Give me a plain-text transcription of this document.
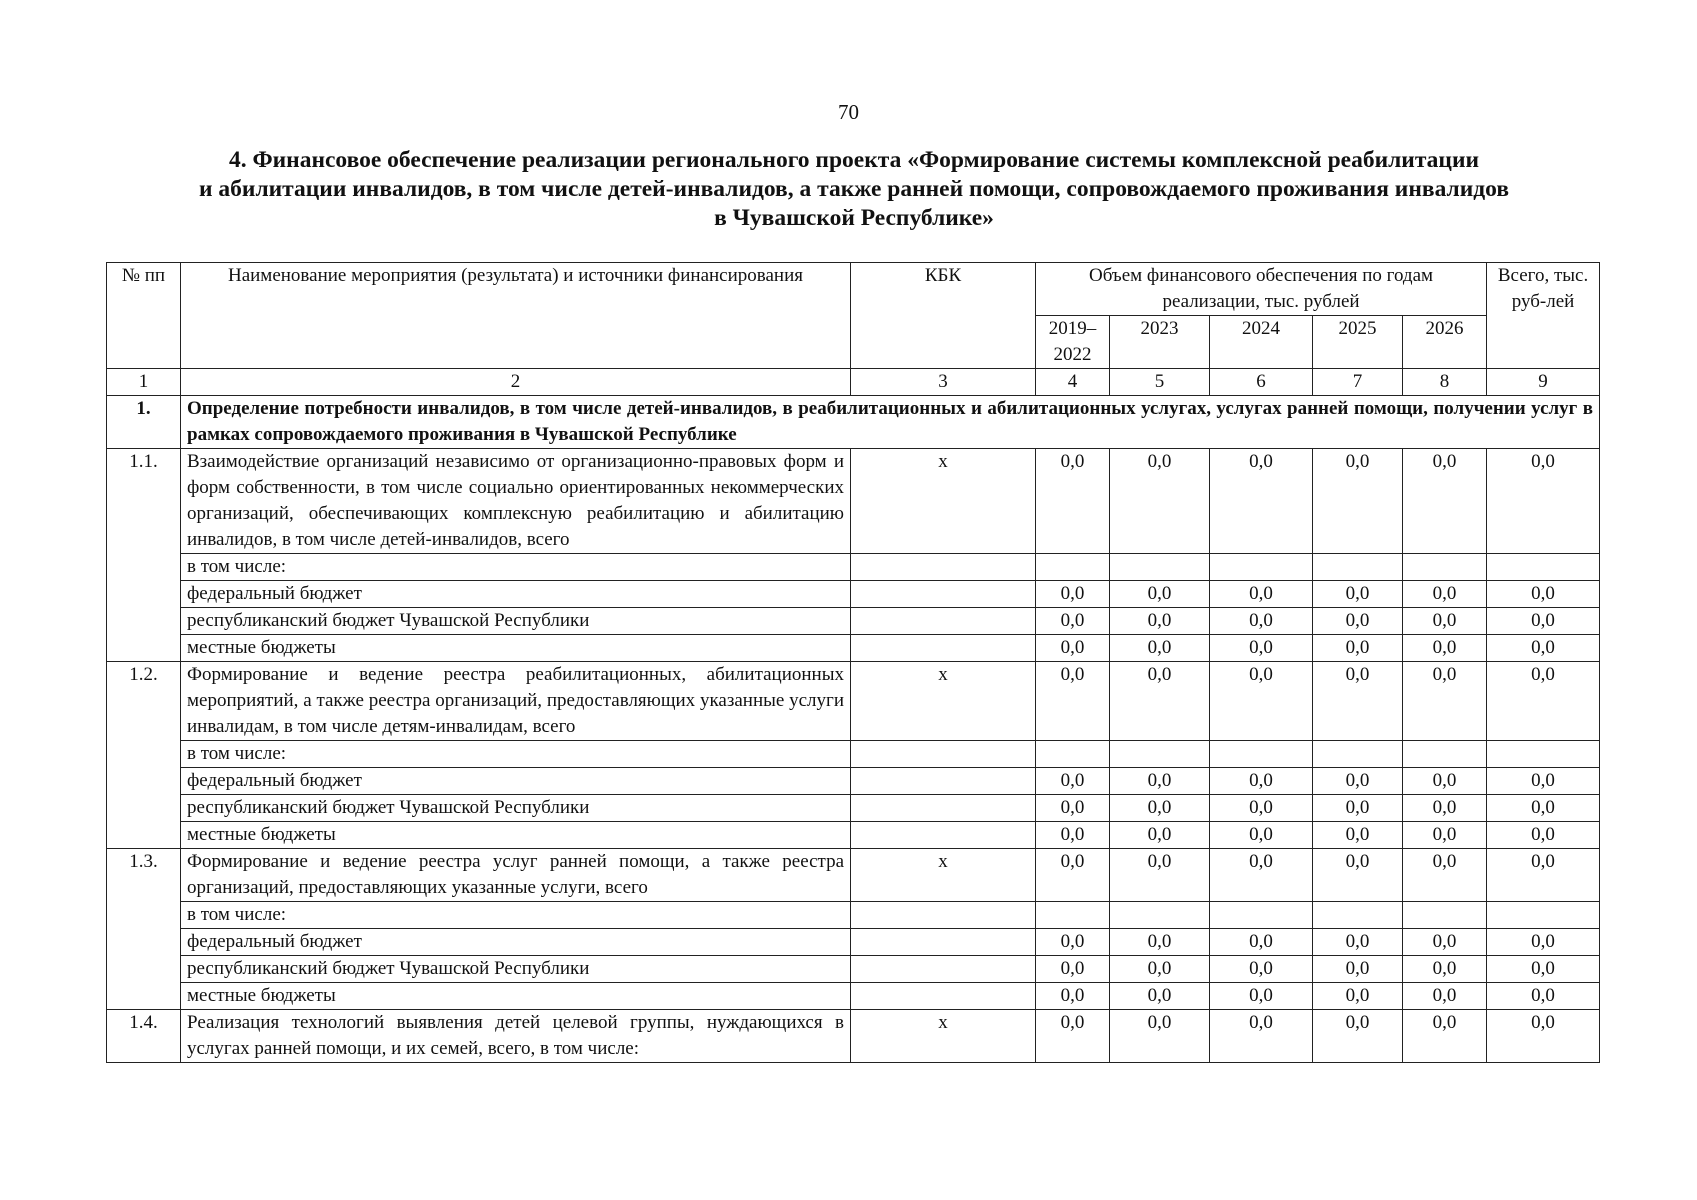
70
4. Финансовое обеспечение реализации регионального проекта «Формирование системы комплексной реабилитации
и абилитации инвалидов, в том числе детей-инвалидов, а также ранней помощи, сопровождаемого проживания инвалидов
в Чувашской Республике»
№ пп	Наименование мероприятия (результата) и источники финансирования	КБК	Объем финансового обеспечения по годам реализации, тыс. рублей					Всего, тыс. руб-лей
			2019–2022	2023	2024	2025	2026	
1	2	3	4	5	6	7	8	9
1.	Определение потребности инвалидов, в том числе детей-инвалидов, в реабилитационных и абилитационных услугах, услугах ранней помощи, получении услуг в рамках сопровождаемого проживания в Чувашской Республике							
1.1.	Взаимодействие организаций независимо от организационно-правовых форм и форм собственности, в том числе социально ориентированных некоммерческих организаций, обеспечивающих комплексную реабилитацию и абилитацию инвалидов, в том числе детей-инвалидов, всего	x	0,0	0,0	0,0	0,0	0,0	0,0
	в том числе:							
	федеральный бюджет		0,0	0,0	0,0	0,0	0,0	0,0
	республиканский бюджет Чувашской Республики		0,0	0,0	0,0	0,0	0,0	0,0
	местные бюджеты		0,0	0,0	0,0	0,0	0,0	0,0
1.2.	Формирование и ведение реестра реабилитационных, абилитационных мероприятий, а также реестра организаций, предоставляющих указанные услуги инвалидам, в том числе детям-инвалидам, всего	x	0,0	0,0	0,0	0,0	0,0	0,0
	в том числе:							
	федеральный бюджет		0,0	0,0	0,0	0,0	0,0	0,0
	республиканский бюджет Чувашской Республики		0,0	0,0	0,0	0,0	0,0	0,0
	местные бюджеты		0,0	0,0	0,0	0,0	0,0	0,0
1.3.	Формирование и ведение реестра услуг ранней помощи, а также реестра организаций, предоставляющих указанные услуги, всего	x	0,0	0,0	0,0	0,0	0,0	0,0
	в том числе:							
	федеральный бюджет		0,0	0,0	0,0	0,0	0,0	0,0
	республиканский бюджет Чувашской Республики		0,0	0,0	0,0	0,0	0,0	0,0
	местные бюджеты		0,0	0,0	0,0	0,0	0,0	0,0
1.4.	Реализация технологий выявления детей целевой группы, нуждающихся в услугах ранней помощи, и их семей, всего, в том числе:	x	0,0	0,0	0,0	0,0	0,0	0,0
